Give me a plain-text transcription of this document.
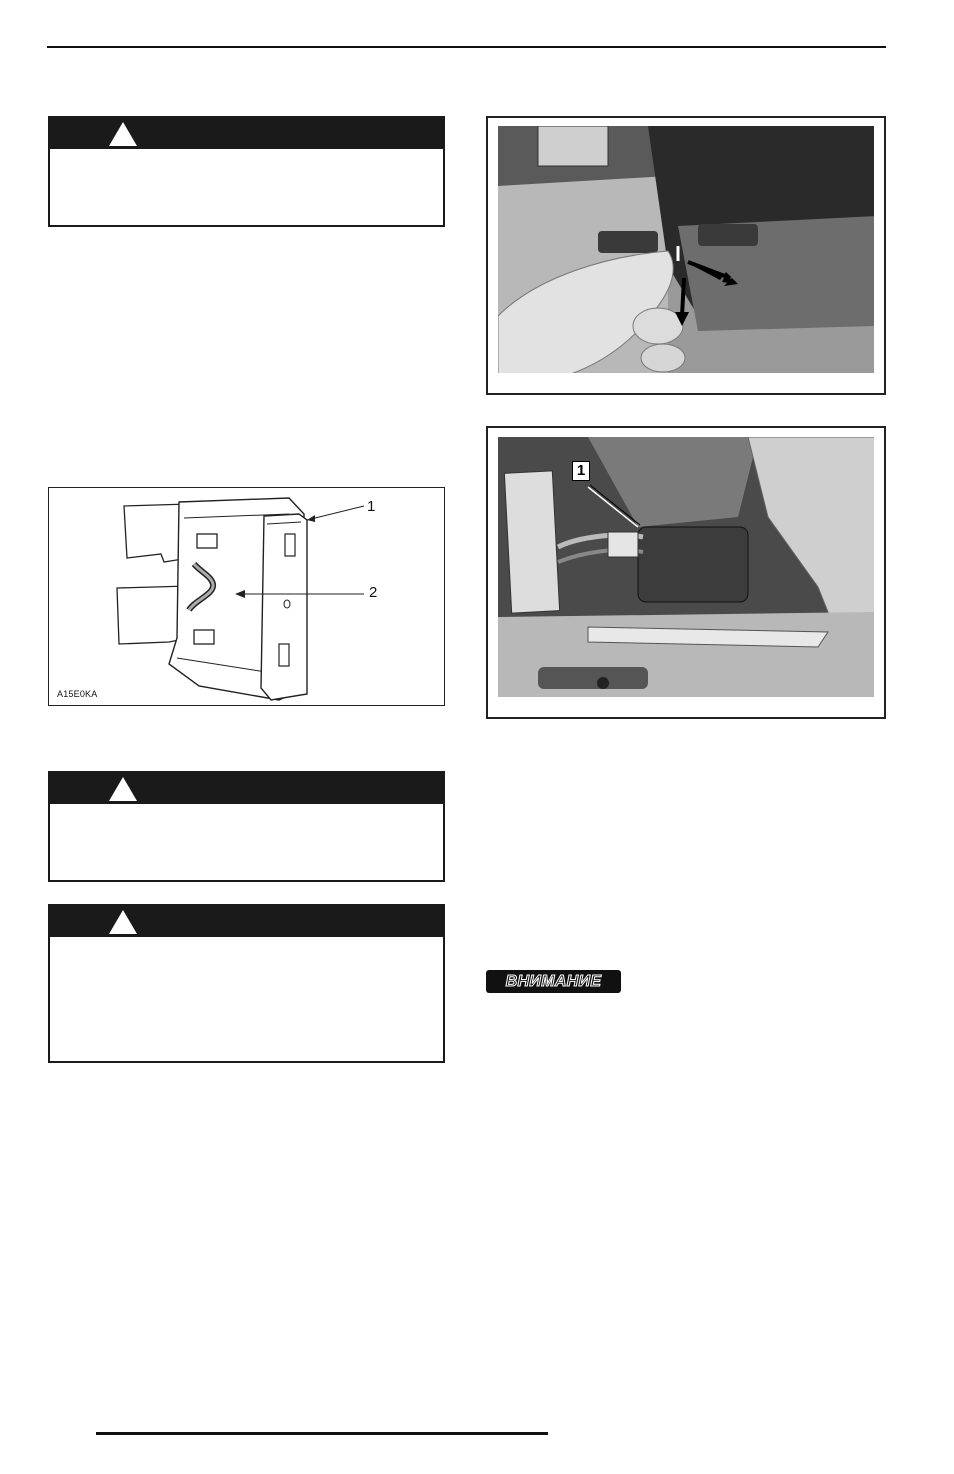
1
2
A15E0KA
1
ВНИМАНИЕ
